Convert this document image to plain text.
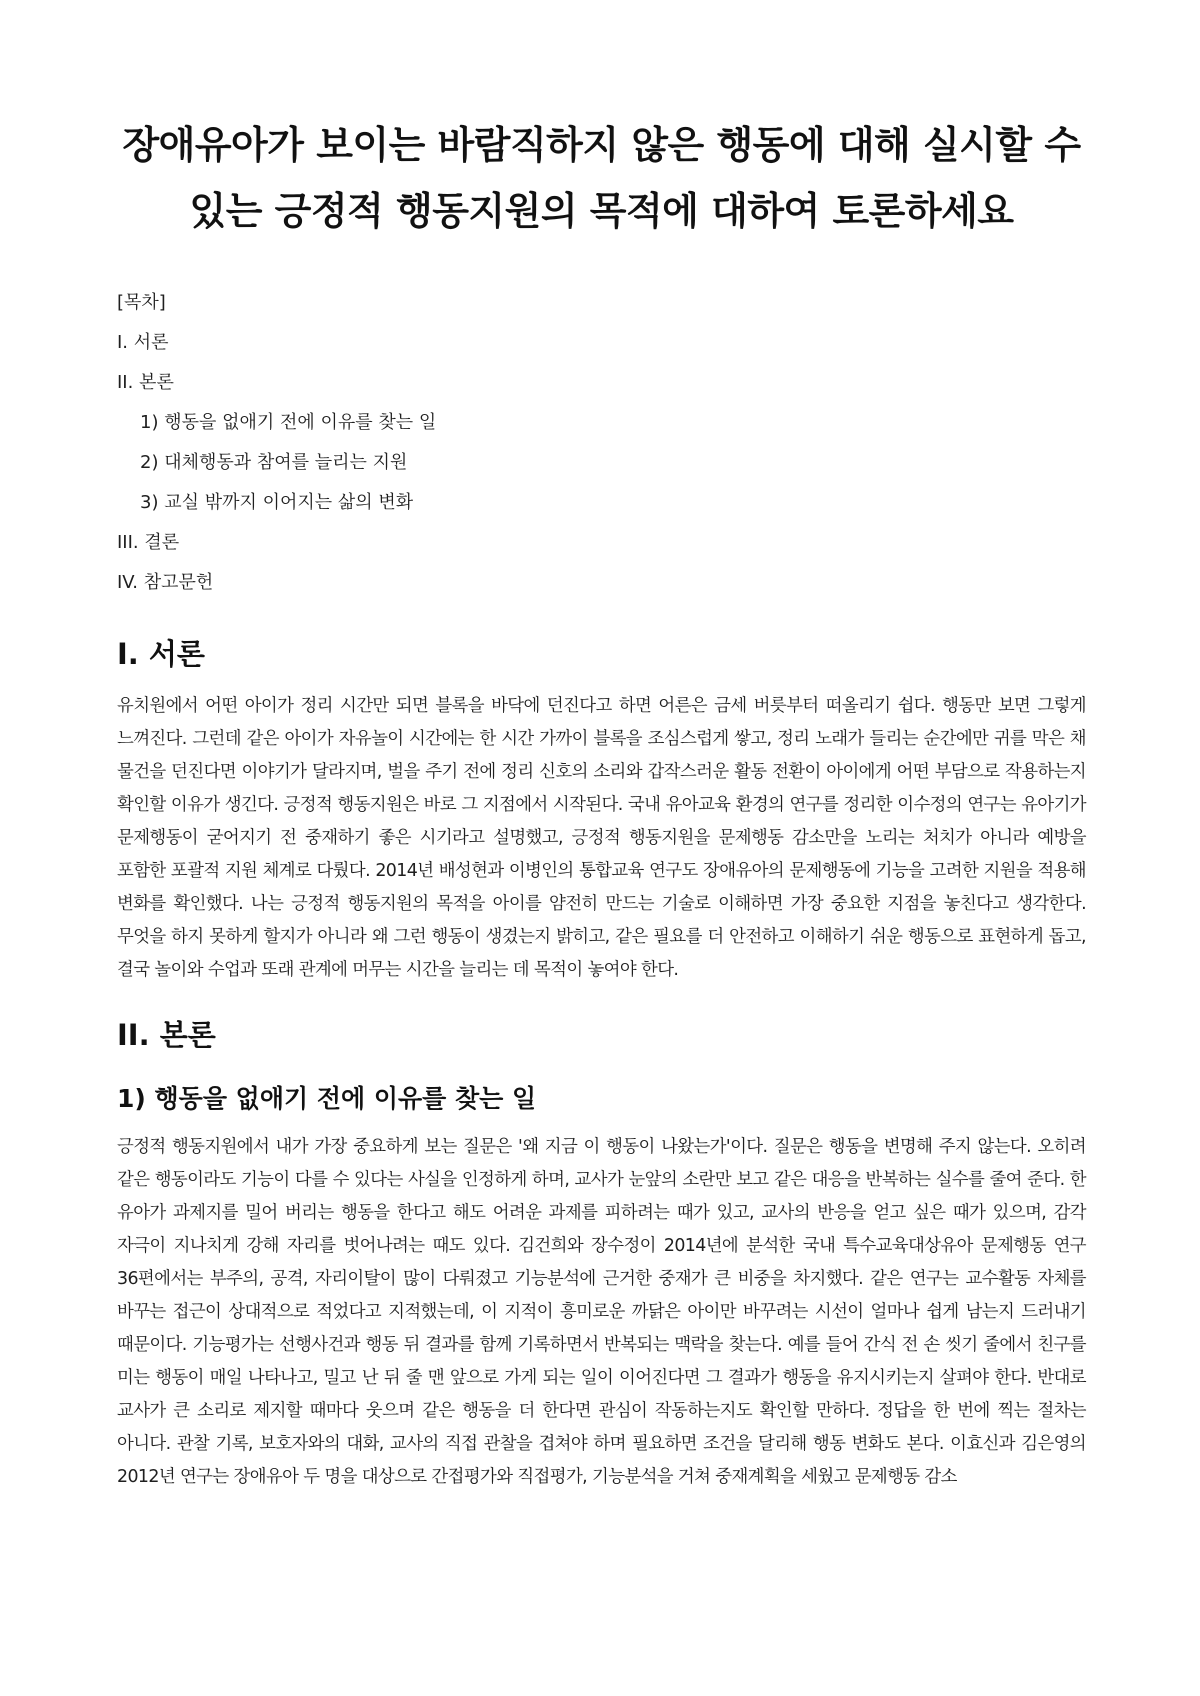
장애유아가 보이는 바람직하지 않은 행동에 대해 실시할 수 있는 긍정적 행동지원의 목적에 대하여 토론하세요
[목차]
I. 서론
II. 본론
1) 행동을 없애기 전에 이유를 찾는 일
2) 대체행동과 참여를 늘리는 지원
3) 교실 밖까지 이어지는 삶의 변화
III. 결론
IV. 참고문헌
I. 서론

유치원에서 어떤 아이가 정리 시간만 되면 블록을 바닥에 던진다고 하면 어른은 금세 버릇부터 떠올리기 쉽다. 행동만 보면 그렇게 느껴진다. 그런데 같은 아이가 자유놀이 시간에는 한 시간 가까이 블록을 조심스럽게 쌓고, 정리 노래가 들리는 순간에만 귀를 막은 채 물건을 던진다면 이야기가 달라지며, 벌을 주기 전에 정리 신호의 소리와 갑작스러운 활동 전환이 아이에게 어떤 부담으로 작용하는지 확인할 이유가 생긴다. 긍정적 행동지원은 바로 그 지점에서 시작된다. 국내 유아교육 환경의 연구를 정리한 이수정의 연구는 유아기가 문제행동이 굳어지기 전 중재하기 좋은 시기라고 설명했고, 긍정적 행동지원을 문제행동 감소만을 노리는 처치가 아니라 예방을 포함한 포괄적 지원 체계로 다뤘다. 2014년 배성현과 이병인의 통합교육 연구도 장애유아의 문제행동에 기능을 고려한 지원을 적용해 변화를 확인했다. 나는 긍정적 행동지원의 목적을 아이를 얌전히 만드는 기술로 이해하면 가장 중요한 지점을 놓친다고 생각한다. 무엇을 하지 못하게 할지가 아니라 왜 그런 행동이 생겼는지 밝히고, 같은 필요를 더 안전하고 이해하기 쉬운 행동으로 표현하게 돕고, 결국 놀이와 수업과 또래 관계에 머무는 시간을 늘리는 데 목적이 놓여야 한다.

II. 본론
1) 행동을 없애기 전에 이유를 찾는 일

긍정적 행동지원에서 내가 가장 중요하게 보는 질문은 '왜 지금 이 행동이 나왔는가'이다. 질문은 행동을 변명해 주지 않는다. 오히려 같은 행동이라도 기능이 다를 수 있다는 사실을 인정하게 하며, 교사가 눈앞의 소란만 보고 같은 대응을 반복하는 실수를 줄여 준다. 한 유아가 과제지를 밀어 버리는 행동을 한다고 해도 어려운 과제를 피하려는 때가 있고, 교사의 반응을 얻고 싶은 때가 있으며, 감각 자극이 지나치게 강해 자리를 벗어나려는 때도 있다. 김건희와 장수정이 2014년에 분석한 국내 특수교육대상유아 문제행동 연구 36편에서는 부주의, 공격, 자리이탈이 많이 다뤄졌고 기능분석에 근거한 중재가 큰 비중을 차지했다. 같은 연구는 교수활동 자체를 바꾸는 접근이 상대적으로 적었다고 지적했는데, 이 지적이 흥미로운 까닭은 아이만 바꾸려는 시선이 얼마나 쉽게 남는지 드러내기 때문이다. 기능평가는 선행사건과 행동 뒤 결과를 함께 기록하면서 반복되는 맥락을 찾는다. 예를 들어 간식 전 손 씻기 줄에서 친구를 미는 행동이 매일 나타나고, 밀고 난 뒤 줄 맨 앞으로 가게 되는 일이 이어진다면 그 결과가 행동을 유지시키는지 살펴야 한다. 반대로 교사가 큰 소리로 제지할 때마다 웃으며 같은 행동을 더 한다면 관심이 작동하는지도 확인할 만하다. 정답을 한 번에 찍는 절차는 아니다. 관찰 기록, 보호자와의 대화, 교사의 직접 관찰을 겹쳐야 하며 필요하면 조건을 달리해 행동 변화도 본다. 이효신과 김은영의 2012년 연구는 장애유아 두 명을 대상으로 간접평가와 직접평가, 기능분석을 거쳐 중재계획을 세웠고 문제행동 감소
